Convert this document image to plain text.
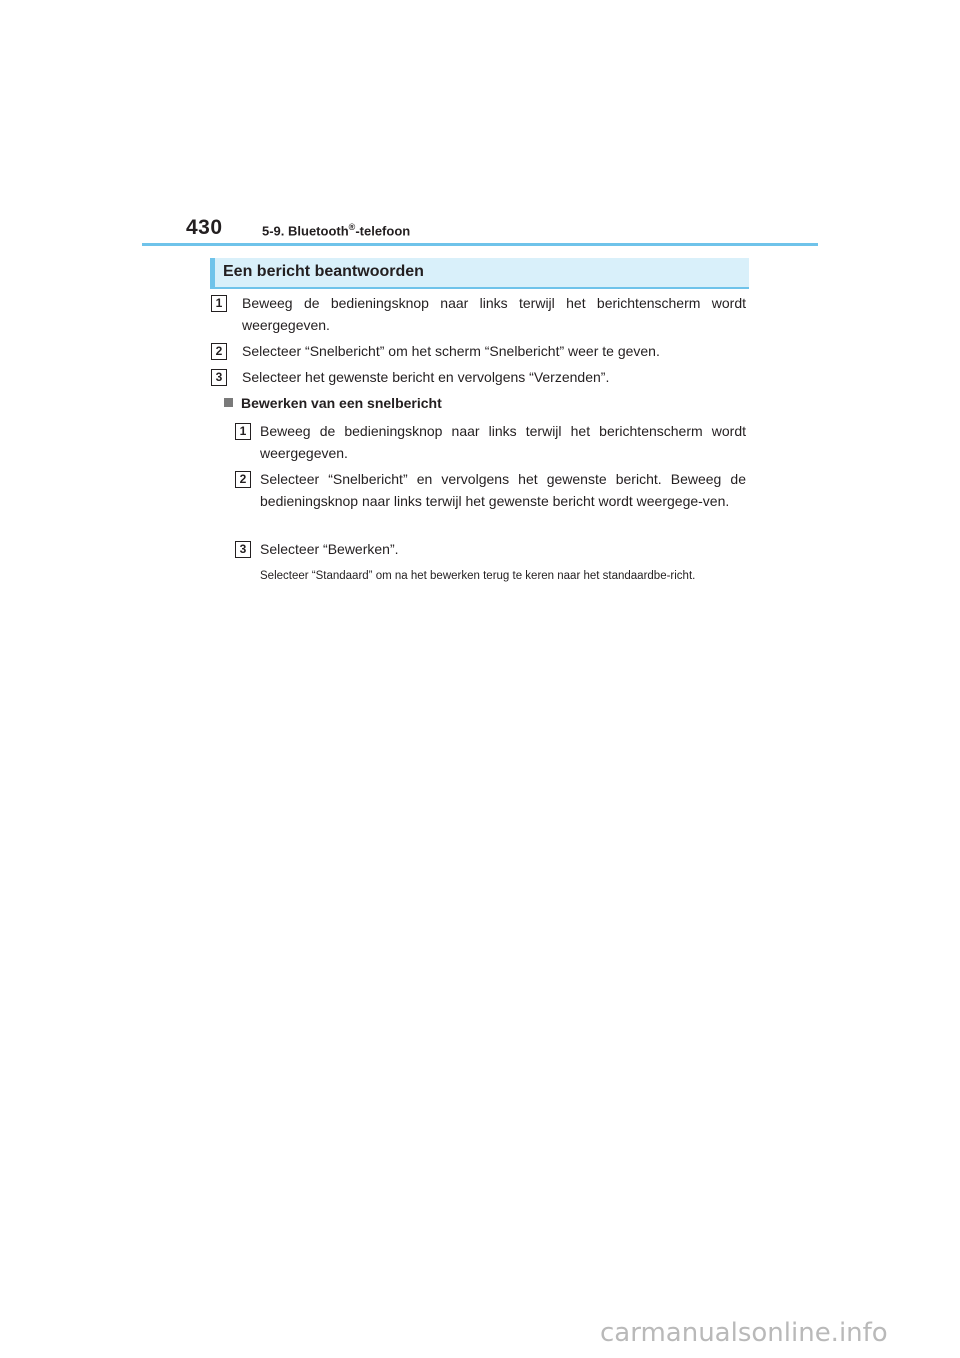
430	5-9. Bluetooth®-telefoon
Een bericht beantwoorden
1	Beweeg de bedieningsknop naar links terwijl het berichtenscherm wordt weergegeven.
2	Selecteer “Snelbericht” om het scherm “Snelbericht” weer te geven.
3	Selecteer het gewenste bericht en vervolgens “Verzenden”.
Bewerken van een snelbericht
1 Beweeg de bedieningsknop naar links terwijl het berichtenscherm wordt weergegeven.
2 Selecteer “Snelbericht” en vervolgens het gewenste bericht. Beweeg de bedieningsknop naar links terwijl het gewenste bericht wordt weergege-ven.
3 Selecteer “Bewerken”.
Selecteer “Standaard” om na het bewerken terug te keren naar het standaardbe-richt.
carmanualsonline.info
